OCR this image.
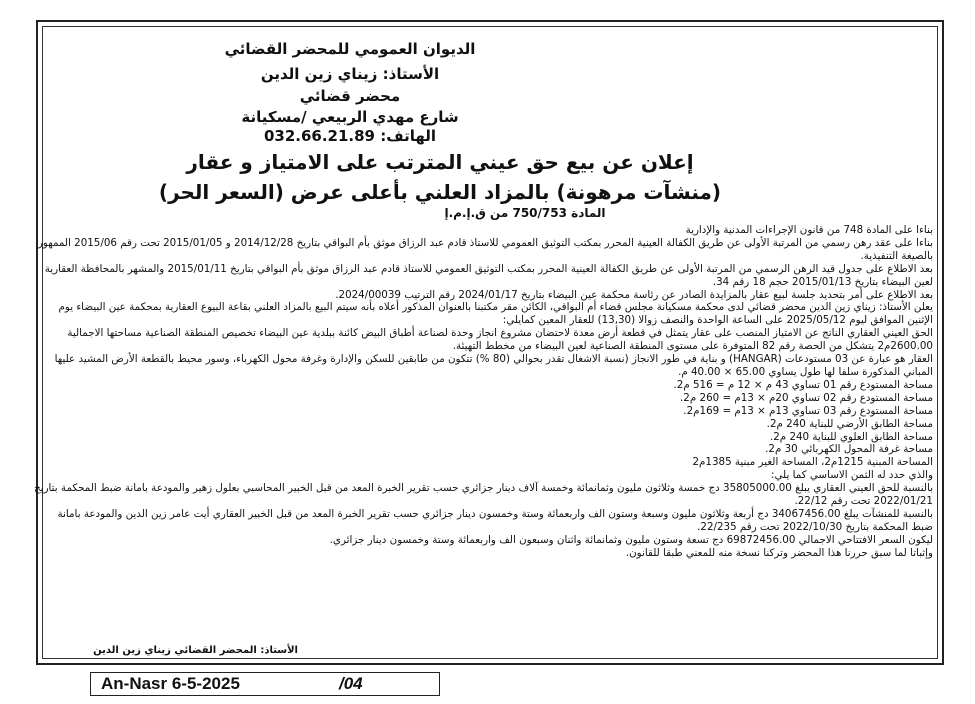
الديوان العمومي للمحضر القضائي
الأستاذ: زيناي زين الدين
محضر قضائي
شارع مهدي الربيعي /مسكيانة
الهاتف: 032.66.21.89
إعلان عن بيع حق عيني المترتب على الامتياز و عقار
(منشآت مرهونة) بالمزاد العلني بأعلى عرض (السعر الحر)
المادة 750/753 من ق.إ.م.إ

بناءا على المادة 748 من قانون الإجراءات المدنية والإدارية

بناءا على عقد رهن رسمي من المرتبة الأولى عن طريق الكفالة العينية المحرر بمكتب التوثيق العمومي للاستاذ قادم عبد الرزاق موثق بأم البواقي بتاريخ 2014/12/28 و 2015/01/05 تحت رقم 2015/06 الممهور

بالصيغة التنفيذية.

بعد الاطلاع على جدول قيد الرهن الرسمي من المرتبة الأولى عن طريق الكفالة العينية المحرر بمكتب التوثيق العمومي للاستاذ قادم عبد الرزاق موثق بأم البواقي بتاريخ 2015/01/11 والمشهر بالمحافظة العقارية

لعين البيضاء بتاريخ 2015/01/13 حجم 18 رقم 34.

بعد الاطلاع على أمر بتحديد جلسة لبيع عقار بالمزايدة الصادر عن رئاسة محكمة عين البيضاء بتاريخ 2024/01/17 رقم الترتيب 2024/00039.

يعلن الأستاذ: زيناي زين الدين محضر قضائي لدى محكمة مسكيانة مجلس قضاء أم البواقي، الكائن مقر مكتبنا بالعنوان المذكور أعلاه بأنه سيتم البيع بالمزاد العلني بقاعة البيوع العقارية بمحكمة عين البيضاء يوم

الإثنين الموافق ليوم 2025/05/12 على الساعة الواحدة والنصف زوالا (13,30) للعقار المعين كمايلي:

الحق العيني العقاري الناتج عن الامتياز المنصب على عقار يتمثل في قطعة أرض معدة لاحتضان مشروع انجاز وحدة لصناعة أطباق البيض كائنة ببلدية عين البيضاء تخصيص المنطقة الصناعية مساحتها الاجمالية

2600.00م2 يتشكل من الحصة رقم 82 المتوفرة على مستوى المنطقة الصناعية لعين البيضاء من مخطط التهيئة.

العقار هو عبارة عن 03 مستودعات (HANGAR) و بناية في طور الانجاز (نسبة الاشغال تقدر بحوالي (80 %) تتكون من طابقين للسكن والإدارة وغرفة محول الكهرباء، وسور محيط بالقطعة الأرض المشيد عليها

المباني المذكورة سلفا لها طول يساوي 65.00 × 40.00 م.

مساحة المستودع رقم 01 تساوي 43 م × 12 م = 516 م2.

مساحة المستودع رقم 02 تساوي 20م × 13م = 260 م2.

مساحة المستودع رقم 03 تساوي 13م × 13م = 169م2.

مساحة الطابق الأرضي للبناية 240 م2.

مساحة الطابق العلوي للبناية 240 م2.

مساحة غرفة المحول الكهربائي 30 م2.

المساحة المبنية 1215م2، المساحة الغير مبنية 1385م2

والذي حدد له الثمن الاساسي كما يلي:

بالنسبة للحق العيني العقاري يبلغ 35805000.00 دج خمسة وثلاثون مليون وثمانمائة وخمسة آلاف دينار جزائري حسب تقرير الخبرة المعد من قبل الخبير المحاسبي بعلول زهير والمودعة بامانة ضبط المحكمة بتاريخ

2022/01/21 تحت رقم 22/12.

بالنسبة للمنشآت يبلغ 34067456.00 دج أربعة وثلاثون مليون وسبعة وستون الف واربعمائة وستة وخمسون دينار جزائري حسب تقرير الخبرة المعد من قبل الخبير العقاري أيت عامر زين الدين والمودعة بامانة

ضبط المحكمة بتاريخ 2022/10/30 تحت رقم 22/235.

ليكون السعر الافتتاحي الاجمالي 69872456.00 دج تسعة وستون مليون وثمانمائة واثنان وسبعون الف واربعمائة وستة وخمسون دينار جزائري.

وإثباتا لما سبق حررنا هذا المحضر وتركنا نسخة منه للمعني طبقا للقانون.

الأستاذ: المحضر القضائي زيناي زين الدين
An-Nasr 6-5-2025	/04
